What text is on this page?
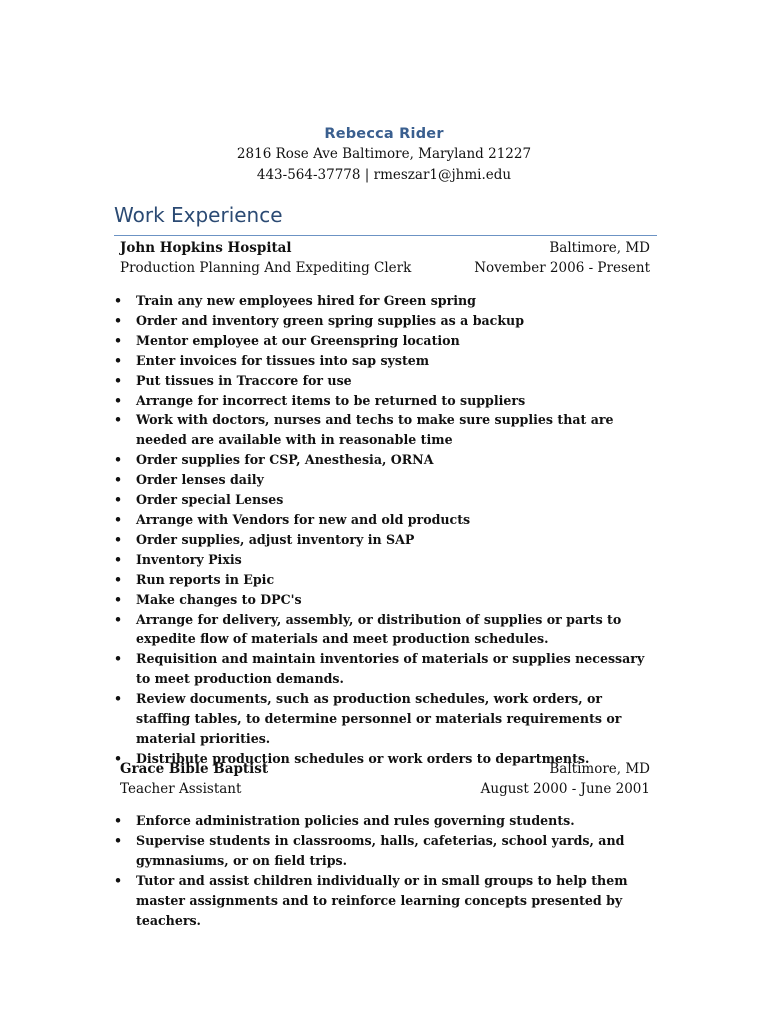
Rebecca Rider
2816 Rose Ave Baltimore, Maryland 21227
443-564-37778 | rmeszar1@jhmi.edu
Work Experience
John Hopkins Hospital	Baltimore, MD
Production Planning And Expediting Clerk	November 2006 - Present
• Train any new employees hired for Green spring
• Order and inventory green spring supplies as a backup
• Mentor employee at our Greenspring location
• Enter invoices for tissues into sap system
• Put tissues in Traccore for use
• Arrange for incorrect items to be returned to suppliers
• Work with doctors, nurses and techs to make sure supplies that are needed are available with in reasonable time
• Order supplies for CSP, Anesthesia, ORNA
• Order lenses daily
• Order special Lenses
• Arrange with Vendors for new and old products
• Order supplies, adjust inventory in SAP
• Inventory Pixis
• Run reports in Epic
• Make changes to DPC's
• Arrange for delivery, assembly, or distribution of supplies or parts to expedite flow of materials and meet production schedules.
• Requisition and maintain inventories of materials or supplies necessary to meet production demands.
• Review documents, such as production schedules, work orders, or staffing tables, to determine personnel or materials requirements or material priorities.
• Distribute production schedules or work orders to departments.
Grace Bible Baptist	Baltimore, MD
Teacher Assistant	August 2000 - June 2001
• Enforce administration policies and rules governing students.
• Supervise students in classrooms, halls, cafeterias, school yards, and gymnasiums, or on field trips.
• Tutor and assist children individually or in small groups to help them master assignments and to reinforce learning concepts presented by teachers.
